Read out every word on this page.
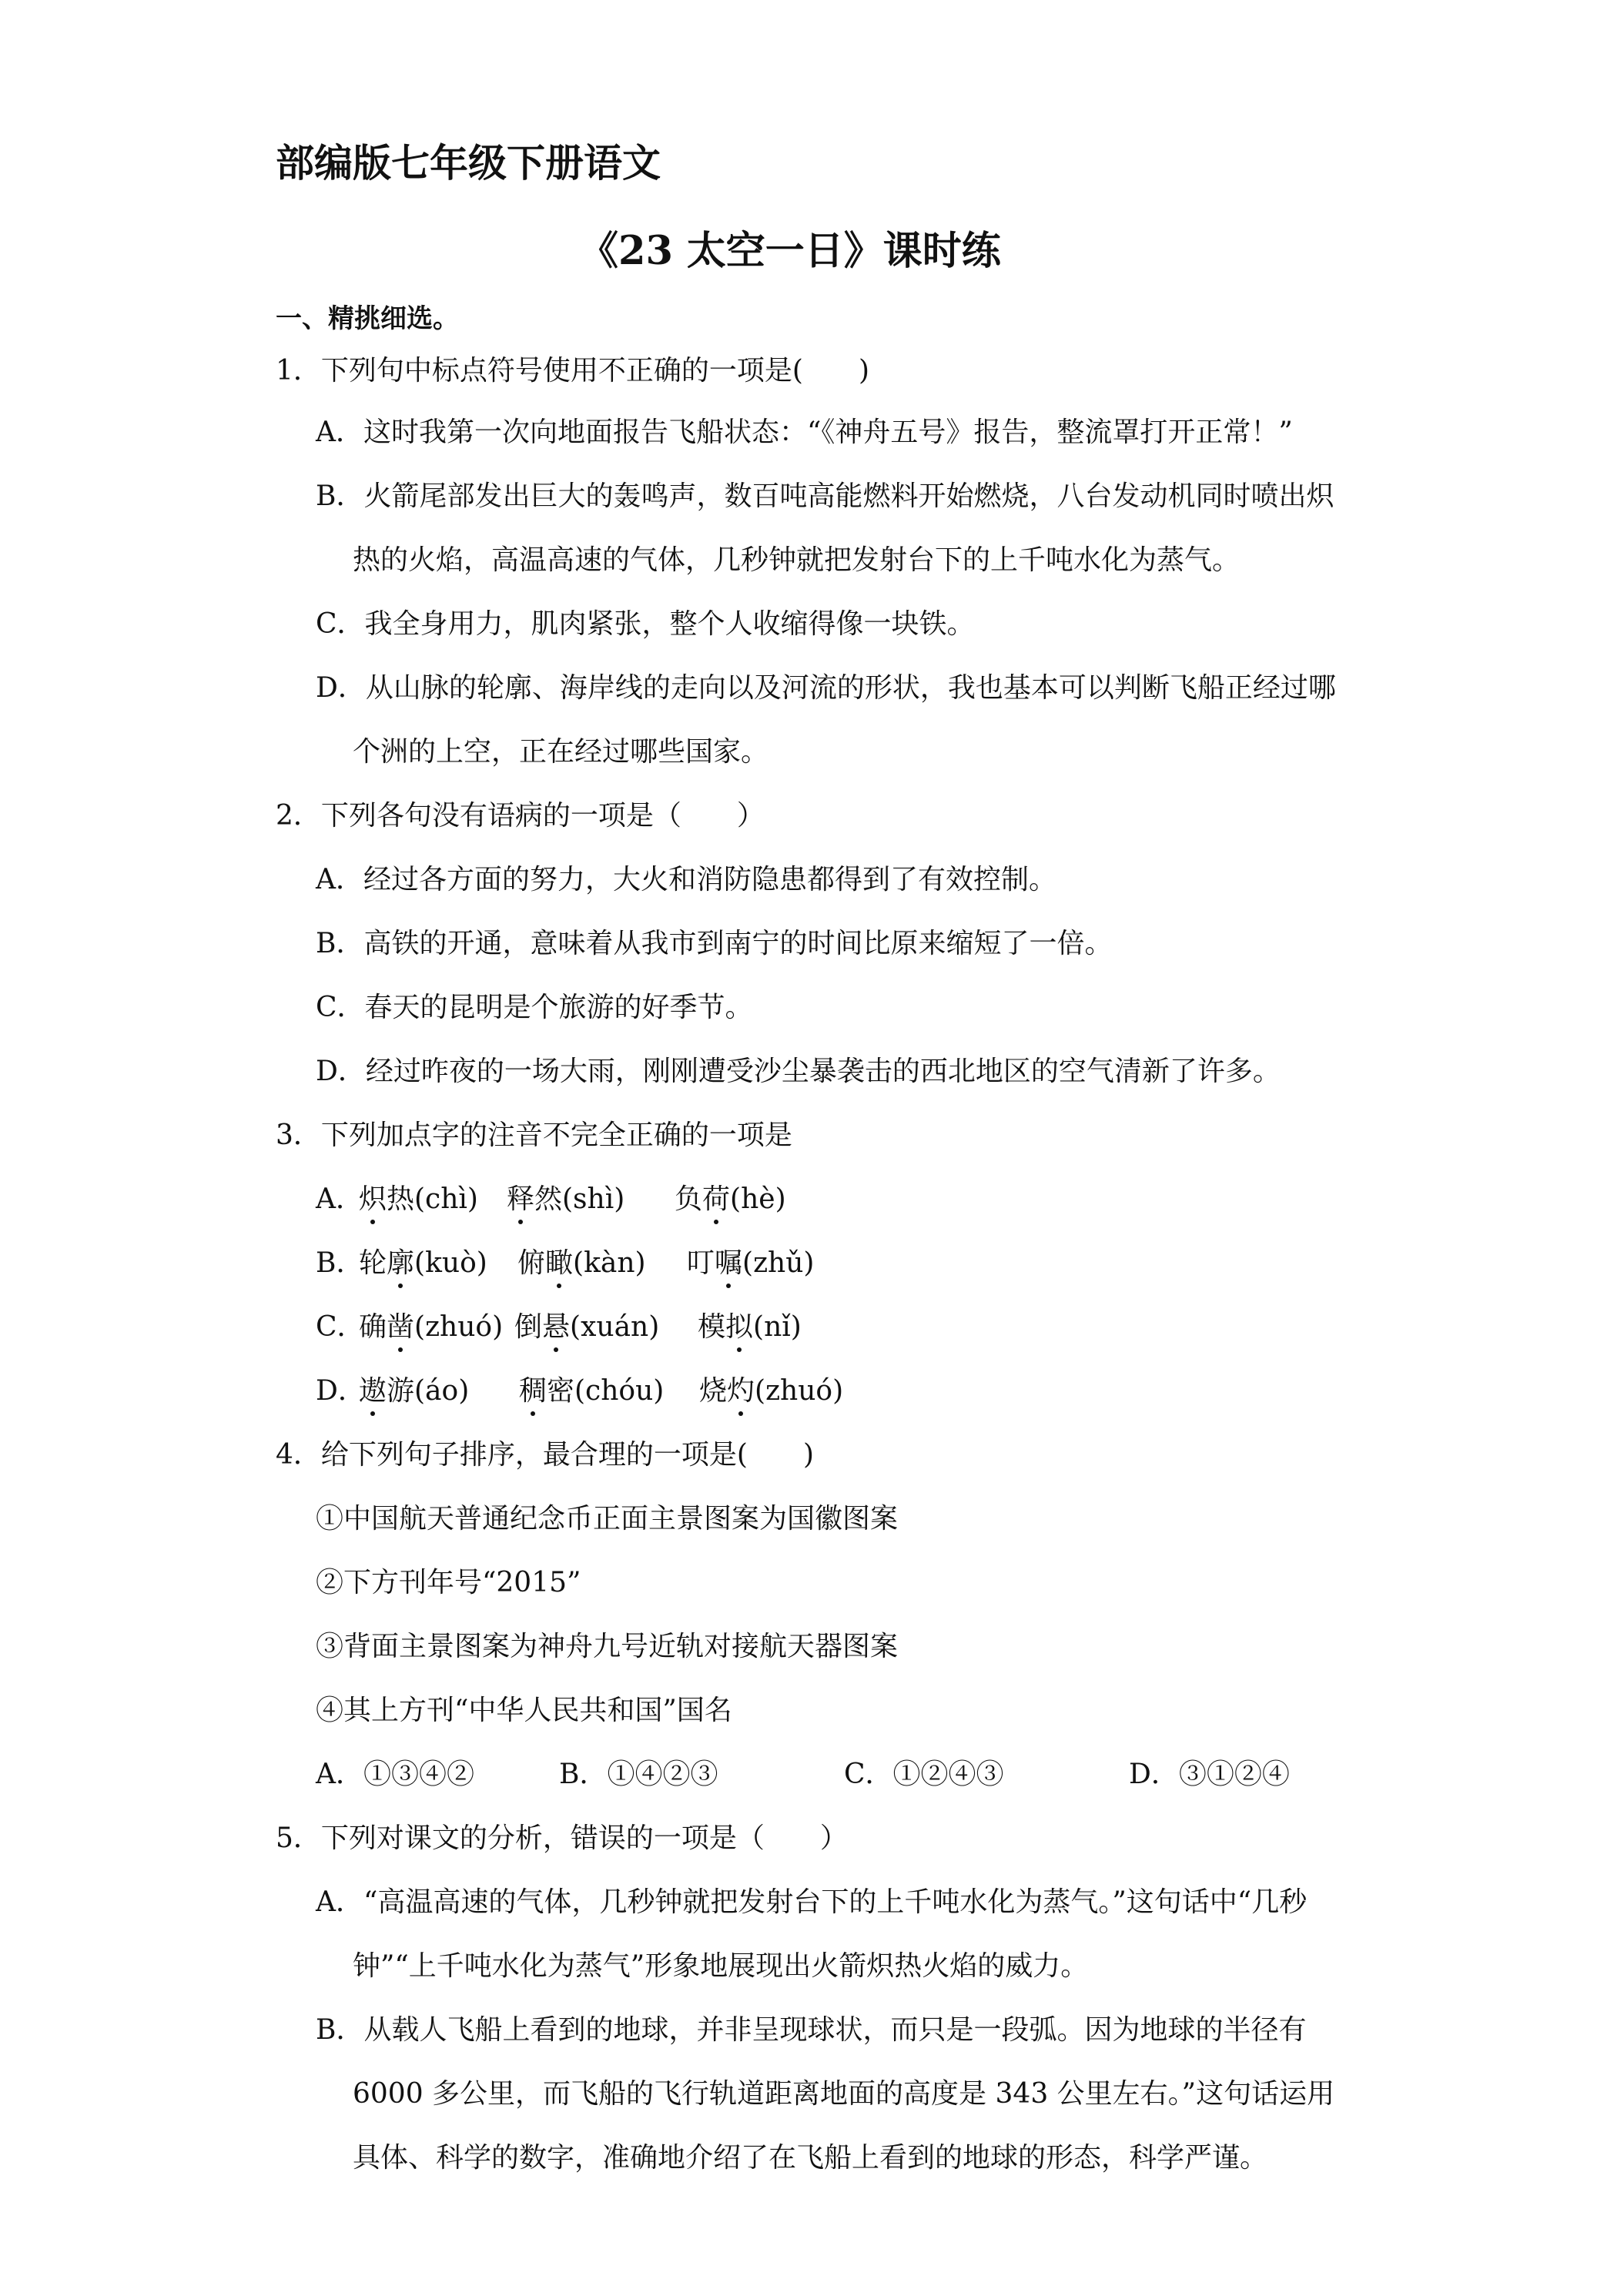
部编版七年级下册语文
《23 太空一日》课时练
一、精挑细选。
1．下列句中标点符号使用不正确的一项是(　　)
A．这时我第一次向地面报告飞船状态：“《神舟五号》报告，整流罩打开正常！”
B．火箭尾部发出巨大的轰鸣声，数百吨高能燃料开始燃烧，八台发动机同时喷出炽
热的火焰，高温高速的气体，几秒钟就把发射台下的上千吨水化为蒸气。
C．我全身用力，肌肉紧张，整个人收缩得像一块铁。
D．从山脉的轮廓、海岸线的走向以及河流的形状，我也基本可以判断飞船正经过哪
个洲的上空，正在经过哪些国家。
2．下列各句没有语病的一项是（　　）
A．经过各方面的努力，大火和消防隐患都得到了有效控制。
B．高铁的开通，意味着从我市到南宁的时间比原来缩短了一倍。
C．春天的昆明是个旅游的好季节。
D．经过昨夜的一场大雨，刚刚遭受沙尘暴袭击的西北地区的空气清新了许多。
3．下列加点字的注音不完全正确的一项是
A．
炽热(chì) 释然(shì) 负荷(hè)
B．
轮廓(kuò) 俯瞰(kàn) 叮嘱(zhǔ)
C．
确凿(zhuó) 倒悬(xuán) 模拟(nǐ)
D．
遨游(áo) 稠密(chóu) 烧灼(zhuó)
4．给下列句子排序，最合理的一项是(　　)
①中国航天普通纪念币正面主景图案为国徽图案
②下方刊年号“2015”
③背面主景图案为神舟九号近轨对接航天器图案
④其上方刊“中华人民共和国”国名
A．①③④②	B．①④②③	C．①②④③	D．③①②④
5．下列对课文的分析，错误的一项是（　　）
A．“高温高速的气体，几秒钟就把发射台下的上千吨水化为蒸气。”这句话中“几秒
钟”“上千吨水化为蒸气”形象地展现出火箭炽热火焰的威力。
B．从载人飞船上看到的地球，并非呈现球状，而只是一段弧。因为地球的半径有
6000 多公里，而飞船的飞行轨道距离地面的高度是 343 公里左右。”这句话运用
具体、科学的数字，准确地介绍了在飞船上看到的地球的形态，科学严谨。
